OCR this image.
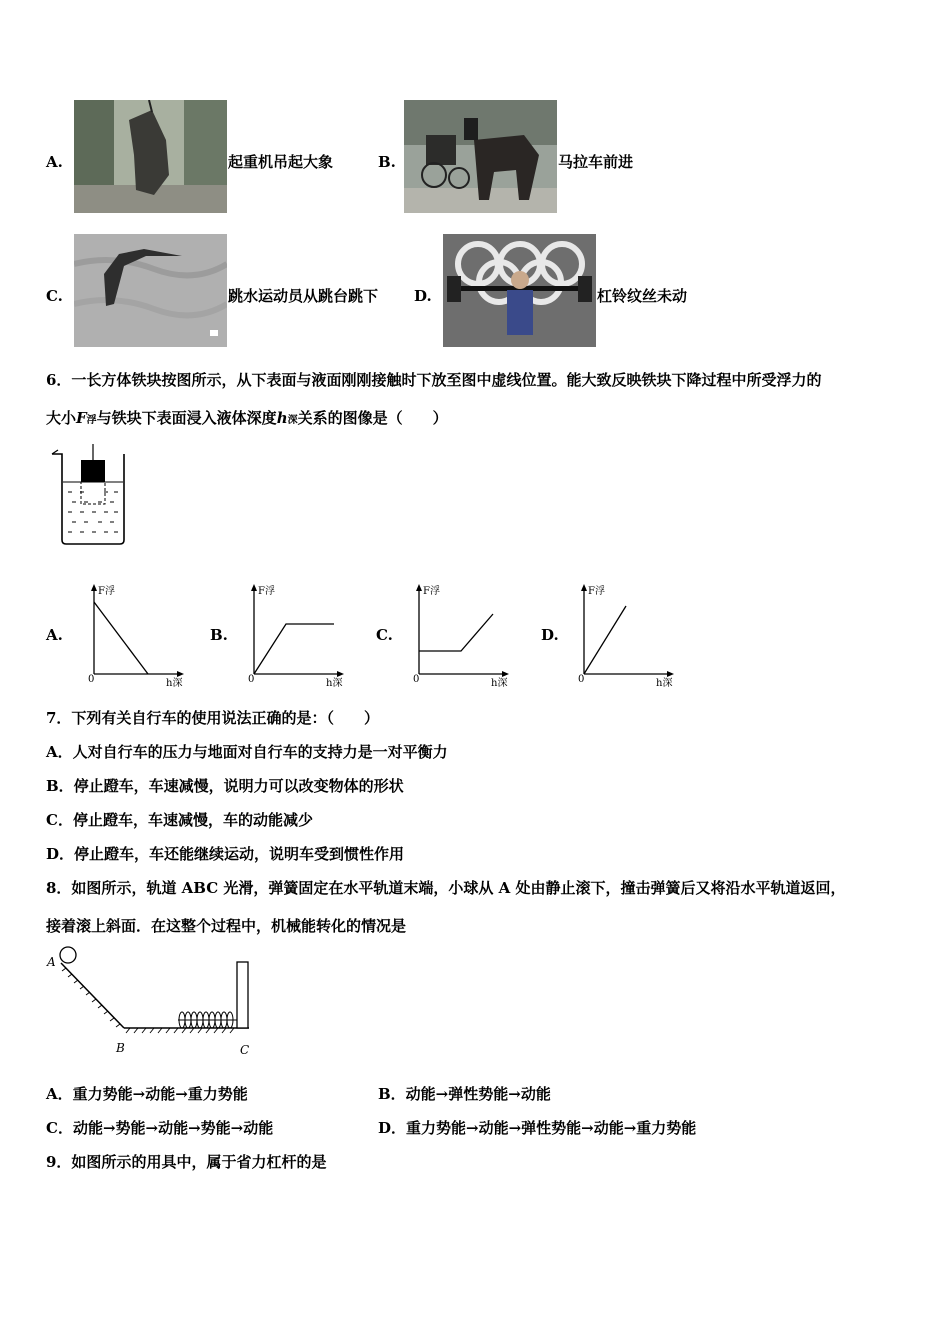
A.	起重机吊起大象	B.	马拉车前进
C.	跳水运动员从跳台跳下 D.	杠铃纹丝未动
6．一长方体铁块按图所示，从下表面与液面刚刚接触时下放至图中虚线位置。能大致反映铁块下降过程中所受浮力的
大小F浮与铁块下表面浸入液体深度h深关系的图像是（　　）
A.
F浮
h深
0
B.
F浮
h深
0
C.
F浮
h深
0
D.
F浮
h深
0
7．下列有关自行车的使用说法正确的是：（　　）
A．人对自行车的压力与地面对自行车的支持力是一对平衡力
B．停止蹬车，车速减慢，说明力可以改变物体的形状
C．停止蹬车，车速减慢，车的动能减少
D．停止蹬车，车还能继续运动，说明车受到惯性作用
8．如图所示，轨道 ABC 光滑，弹簧固定在水平轨道末端，小球从 A 处由静止滚下，撞击弹簧后又将沿水平轨道返回，
接着滚上斜面．在这整个过程中，机械能转化的情况是
A
B	C
A．重力势能→动能→重力势能	B．动能→弹性势能→动能
C．动能→势能→动能→势能→动能	D．重力势能→动能→弹性势能→动能→重力势能
9．如图所示的用具中，属于省力杠杆的是
